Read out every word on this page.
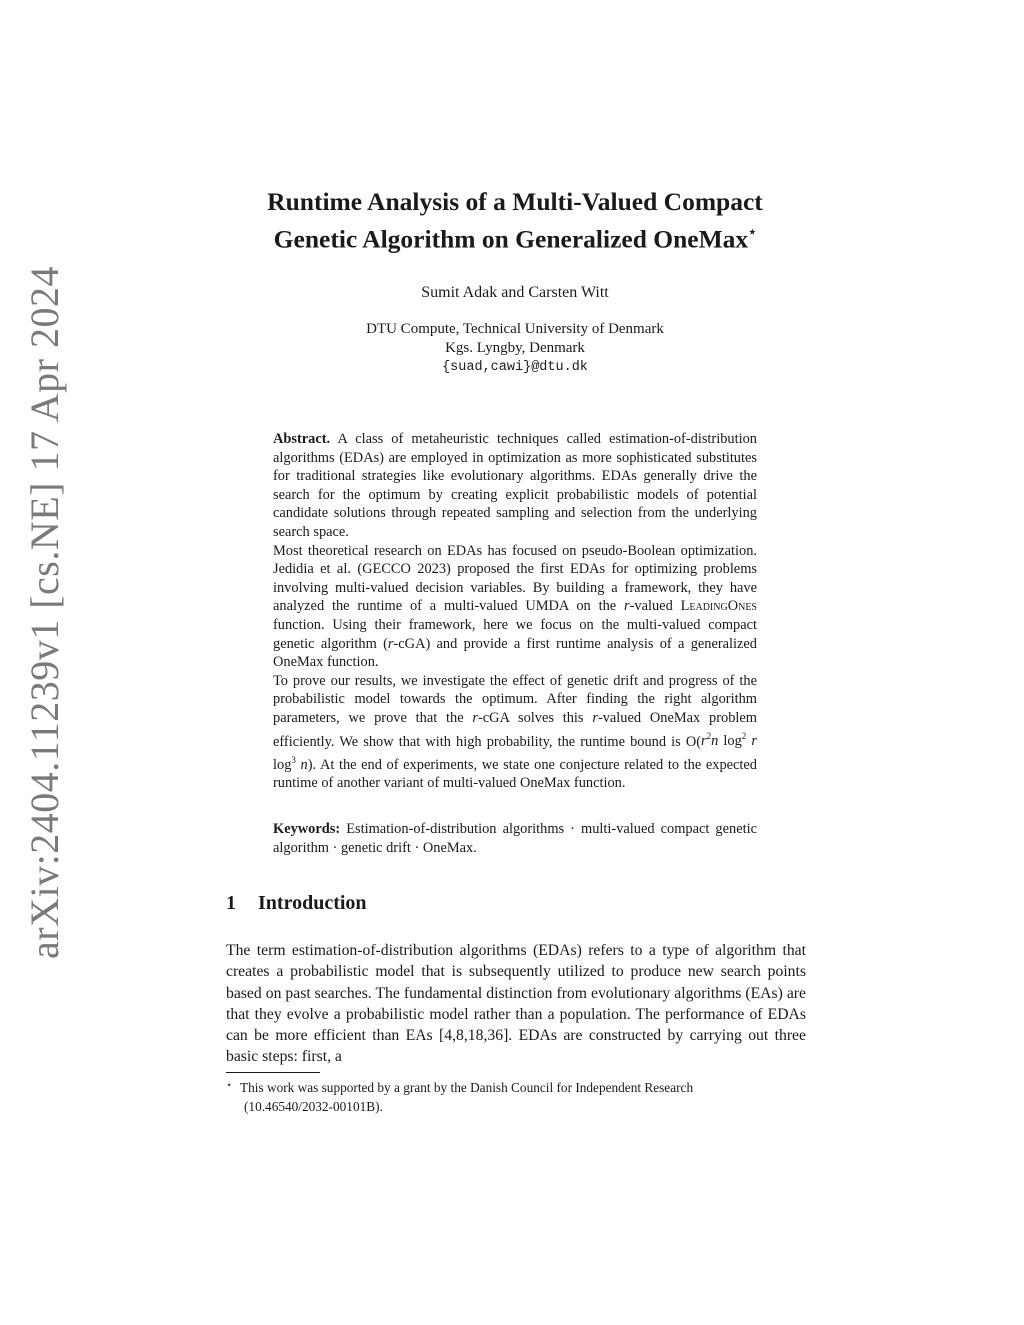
arXiv:2404.11239v1 [cs.NE] 17 Apr 2024
Runtime Analysis of a Multi-Valued Compact
Genetic Algorithm on Generalized OneMax⋆
Sumit Adak and Carsten Witt
DTU Compute, Technical University of Denmark
Kgs. Lyngby, Denmark
{suad,cawi}@dtu.dk

Abstract. A class of metaheuristic techniques called estimation-of-distribution algorithms (EDAs) are employed in optimization as more sophisticated substitutes for traditional strategies like evolutionary algorithms. EDAs generally drive the search for the optimum by creating explicit probabilistic models of potential candidate solutions through repeated sampling and selection from the underlying search space.

Most theoretical research on EDAs has focused on pseudo-Boolean optimization. Jedidia et al. (GECCO 2023) proposed the first EDAs for optimizing problems involving multi-valued decision variables. By building a framework, they have analyzed the runtime of a multi-valued UMDA on the r-valued LeadingOnes function. Using their framework, here we focus on the multi-valued compact genetic algorithm (r-cGA) and provide a first runtime analysis of a generalized OneMax function.

To prove our results, we investigate the effect of genetic drift and progress of the probabilistic model towards the optimum. After finding the right algorithm parameters, we prove that the r-cGA solves this r-valued OneMax problem efficiently. We show that with high probability, the runtime bound is $O(r^2n$ $\log^2 r$ $\log^3 n$). At the end of experiments, we state one conjecture related to the expected runtime of another variant of multi-valued OneMax function.

Keywords: Estimation-of-distribution algorithms · multi-valued compact genetic algorithm · genetic drift · OneMax.
1 Introduction

The term estimation-of-distribution algorithms (EDAs) refers to a type of algorithm that creates a probabilistic model that is subsequently utilized to produce new search points based on past searches. The fundamental distinction from evolutionary algorithms (EAs) are that they evolve a probabilistic model rather than a population. The performance of EDAs can be more efficient than EAs [4,8,18,36]. EDAs are constructed by carrying out three basic steps: first, a

⋆ This work was supported by a grant by the Danish Council for Independent Research
(10.46540/2032-00101B).
